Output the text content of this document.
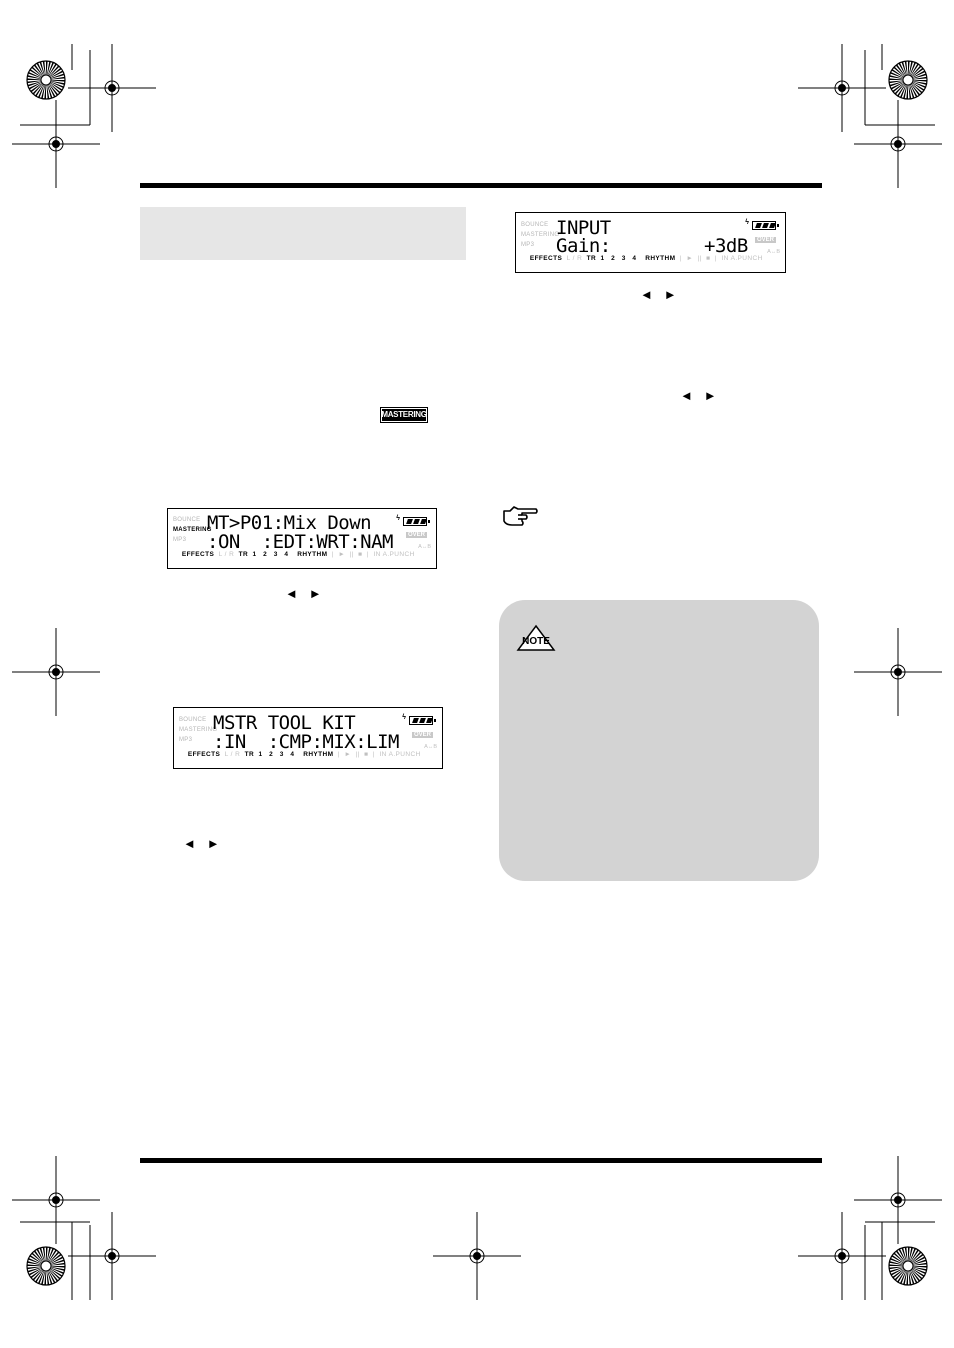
MASTERING
BOUNCE
MASTERING
MP3
MT>P01:Mix Down
:ON  :EDT:WRT:NAM
ϟ
OVER
A↔B

EFFECTS L / R TR  1   2   3   4 RHYTHM |  ►  ||  ■  | IN A.PUNCH

◄   ►
BOUNCE
MASTERING
MP3
MSTR TOOL KIT
:IN  :CMP:MIX:LIM
ϟ
OVER
A↔B

EFFECTS L / R TR  1   2   3   4 RHYTHM |  ►  ||  ■  | IN A.PUNCH

◄   ►
BOUNCE
MASTERING
MP3
INPUT
Gain:	+3dB
ϟ
OVER
A↔B

EFFECTS L / R TR  1   2   3   4 RHYTHM |  ►  ||  ■  | IN A.PUNCH

◄   ►
◄   ►
NOTE
